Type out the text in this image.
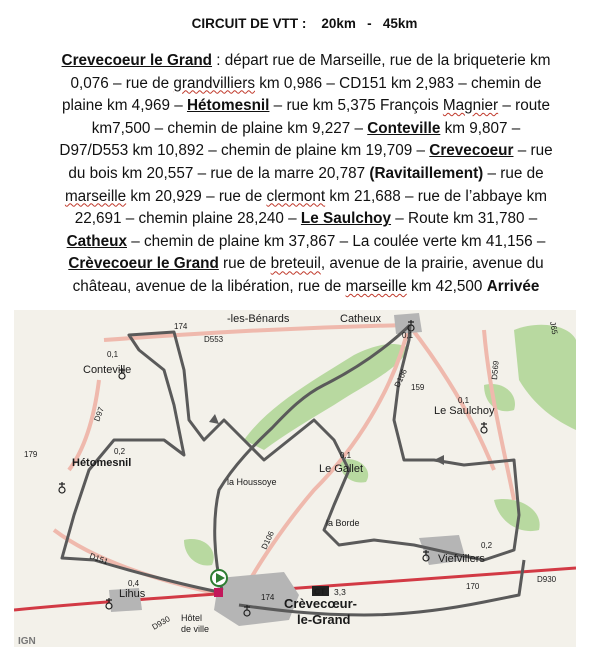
CIRCUIT DE VTT :    20km   -   45km
Crevecoeur le Grand : départ rue de Marseille, rue de la briqueterie km
0,076 – rue de grandvilliers km 0,986 – CD151 km 2,983 – chemin de
plaine km 4,969 – Hétomesnil – rue km 5,375 François Magnier – route
km7,500 – chemin de plaine km 9,227 – Conteville km 9,807 –
D97/D553 km 10,892 – chemin de plaine km 19,709 – Crevecoeur – rue
du bois km 20,557 – rue de la marre 20,787 (Ravitaillement) – rue de
marseille km 20,929 – rue de clermont km 21,688 – rue de l’abbaye km
22,691 – chemin plaine 28,240 – Le Saulchoy – Route km 31,780 –
Catheux – chemin de plaine km 37,867 – La coulée verte km 41,156 –
Crèvecoeur le Grand rue de breteuil, avenue de la prairie, avenue du
château, avenue de la libération, rue de marseille km 42,500 Arrivée
D553
D97
D106
D106
D151
D569
D930
D930
J65
CT 3,3
-les-Bénards	Catheux
Conteville
Hétomesnil
Le Saulchoy
Le Gallet
la Houssoye
la Borde
Viefvillers
Lihus
Crèvecœur-
le-Grand
Hôtel
de ville
IGN
0,1
0,2
0,1
0,1
0,1
0,2
0,4
174
179
159
170
174
